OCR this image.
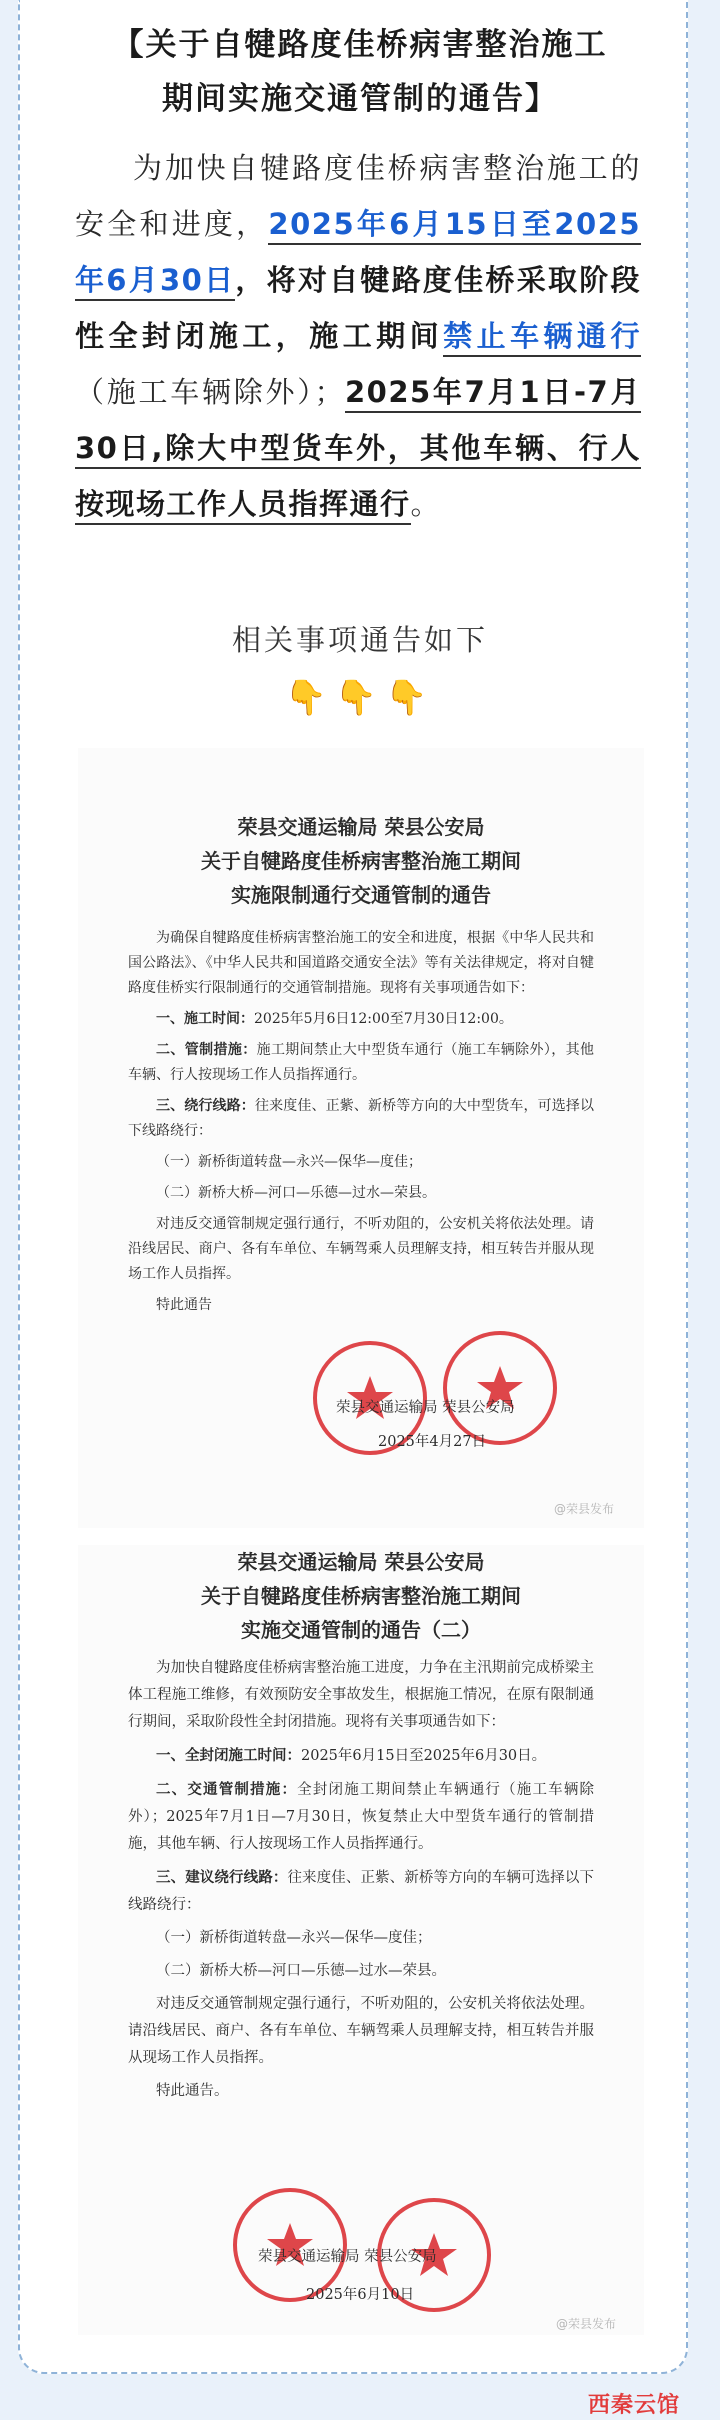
【关于自犍路度佳桥病害整治施工
期间实施交通管制的通告】

为加快自犍路度佳桥病害整治施工的安全和进度，2025年6月15日至2025年6月30日，将对自犍路度佳桥采取阶段性全封闭施工，施工期间禁止车辆通行（施工车辆除外）；2025年7月1日-7月30日,除大中型货车外，其他车辆、行人按现场工作人员指挥通行。

相关事项通告如下
👇👇👇
荣县交通运输局 荣县公安局
关于自犍路度佳桥病害整治施工期间
实施限制通行交通管制的通告

为确保自犍路度佳桥病害整治施工的安全和进度，根据《中华人民共和国公路法》、《中华人民共和国道路交通安全法》等有关法律规定，将对自犍路度佳桥实行限制通行的交通管制措施。现将有关事项通告如下：

一、施工时间：2025年5月6日12:00至7月30日12:00。

二、管制措施：施工期间禁止大中型货车通行（施工车辆除外），其他车辆、行人按现场工作人员指挥通行。

三、绕行线路：往来度佳、正紫、新桥等方向的大中型货车，可选择以下线路绕行：

（一）新桥街道转盘—永兴—保华—度佳；

（二）新桥大桥—河口—乐德—过水—荣县。

对违反交通管制规定强行通行，不听劝阻的，公安机关将依法处理。请沿线居民、商户、各有车单位、车辆驾乘人员理解支持，相互转告并服从现场工作人员指挥。

特此通告

荣县交通运输局 荣县公安局
2025年4月27日
@荣县发布
荣县交通运输局 荣县公安局
关于自犍路度佳桥病害整治施工期间
实施交通管制的通告（二）

为加快自犍路度佳桥病害整治施工进度，力争在主汛期前完成桥梁主体工程施工维修，有效预防安全事故发生，根据施工情况，在原有限制通行期间，采取阶段性全封闭措施。现将有关事项通告如下：

一、全封闭施工时间：2025年6月15日至2025年6月30日。

二、交通管制措施：全封闭施工期间禁止车辆通行（施工车辆除外）；2025年7月1日—7月30日，恢复禁止大中型货车通行的管制措施，其他车辆、行人按现场工作人员指挥通行。

三、建议绕行线路：往来度佳、正紫、新桥等方向的车辆可选择以下线路绕行：

（一）新桥街道转盘—永兴—保华—度佳；

（二）新桥大桥—河口—乐德—过水—荣县。

对违反交通管制规定强行通行，不听劝阻的，公安机关将依法处理。请沿线居民、商户、各有车单位、车辆驾乘人员理解支持，相互转告并服从现场工作人员指挥。

特此通告。

荣县交通运输局 荣县公安局
2025年6月10日
@荣县发布
西秦云馆
